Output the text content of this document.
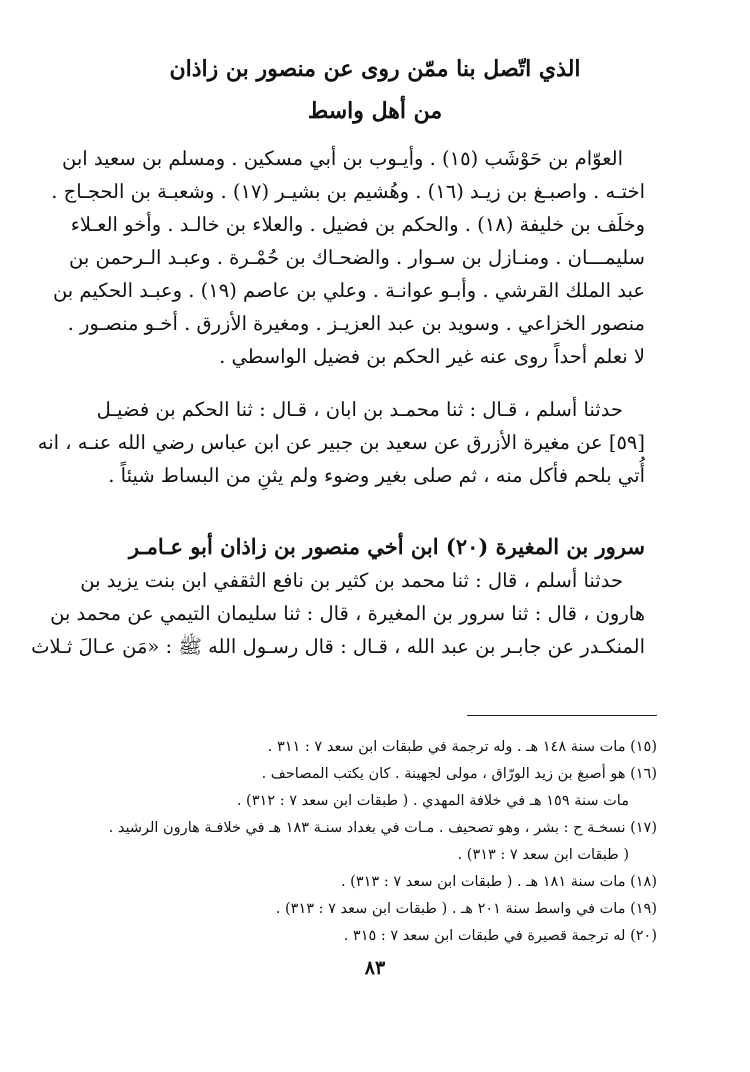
الذي اتّصل بنا ممّن روى عن منصور بن زاذان
من أهل واسط
العوّام بن حَوْشَب (١٥) . وأيـوب بن أبي مسكين . ومسلم بن سعيد ابن
اختـه . واصبـغ بن زيـد (١٦) . وهُشيم بن بشيـر (١٧) . وشعبـة بن الحجـاج .
وخلَف بن خليفة (١٨) . والحكم بن فضيل . والعلاء بن خالـد . وأخو العـلاء
سليمـــان . ومنـازل بن سـوار . والضحـاك بن حُمْـرة . وعبـد الـرحمن بن
عبد الملك القرشي . وأبـو عوانـة . وعلي بن عاصم (١٩) . وعبـد الحكيم بن
منصور الخزاعي . وسويد بن عبد العزيـز . ومغيرة الأزرق . أخـو منصـور .
لا نعلم أحداً روى عنه غير الحكم بن فضيل الواسطي .
حدثنا أسلم ، قـال : ثنا محمـد بن ابان ، قـال : ثنا الحكم بن فضيـل
[٥٩] عن مغيرة الأزرق عن سعيد بن جبير عن ابن عباس رضي الله عنـه ، انه
أُتي بلحم فأكل منه ، ثم صلى بغير وضوء ولم يثنِ من البساط شيئاً .
سرور بن المغيرة (٢٠) ابن أخي منصور بن زاذان أبو عـامـر
حدثنا أسلم ، قال : ثنا محمد بن كثير بن نافع الثقفي ابن بنت يزيد بن
هارون ، قال : ثنا سرور بن المغيرة ، قال : ثنا سليمان التيمي عن محمد بن
المنكـدر عن جابـر بن عبد الله ، قـال : قال رسـول الله ﷺ : «مَن عـالَ ثـلاث
(١٥) مات سنة ١٤٨ هـ . وله ترجمة في طبقات ابن سعد ٧ : ٣١١ .
(١٦) هو أصبغ بن زيد الورّاق ، مولى لجهينة . كان يكتب المصاحف .
مات سنة ١٥٩ هـ في خلافة المهدي . ( طبقات ابن سعد ٧ : ٣١٢) .
(١٧) نسخـة ح : بشر ، وهو تصحيف . مـات في بغداد سنـة ١٨٣ هـ في خلافـة هارون الرشيد .
( طبقات ابن سعد ٧ : ٣١٣) .
(١٨) مات سنة ١٨١ هـ . ( طبقات ابن سعد ٧ : ٣١٣) .
(١٩) مات في واسط سنة ٢٠١ هـ . ( طبقات ابن سعد ٧ : ٣١٣) .
(٢٠) له ترجمة قصيرة في طبقات ابن سعد ٧ : ٣١٥ .
٨٣
